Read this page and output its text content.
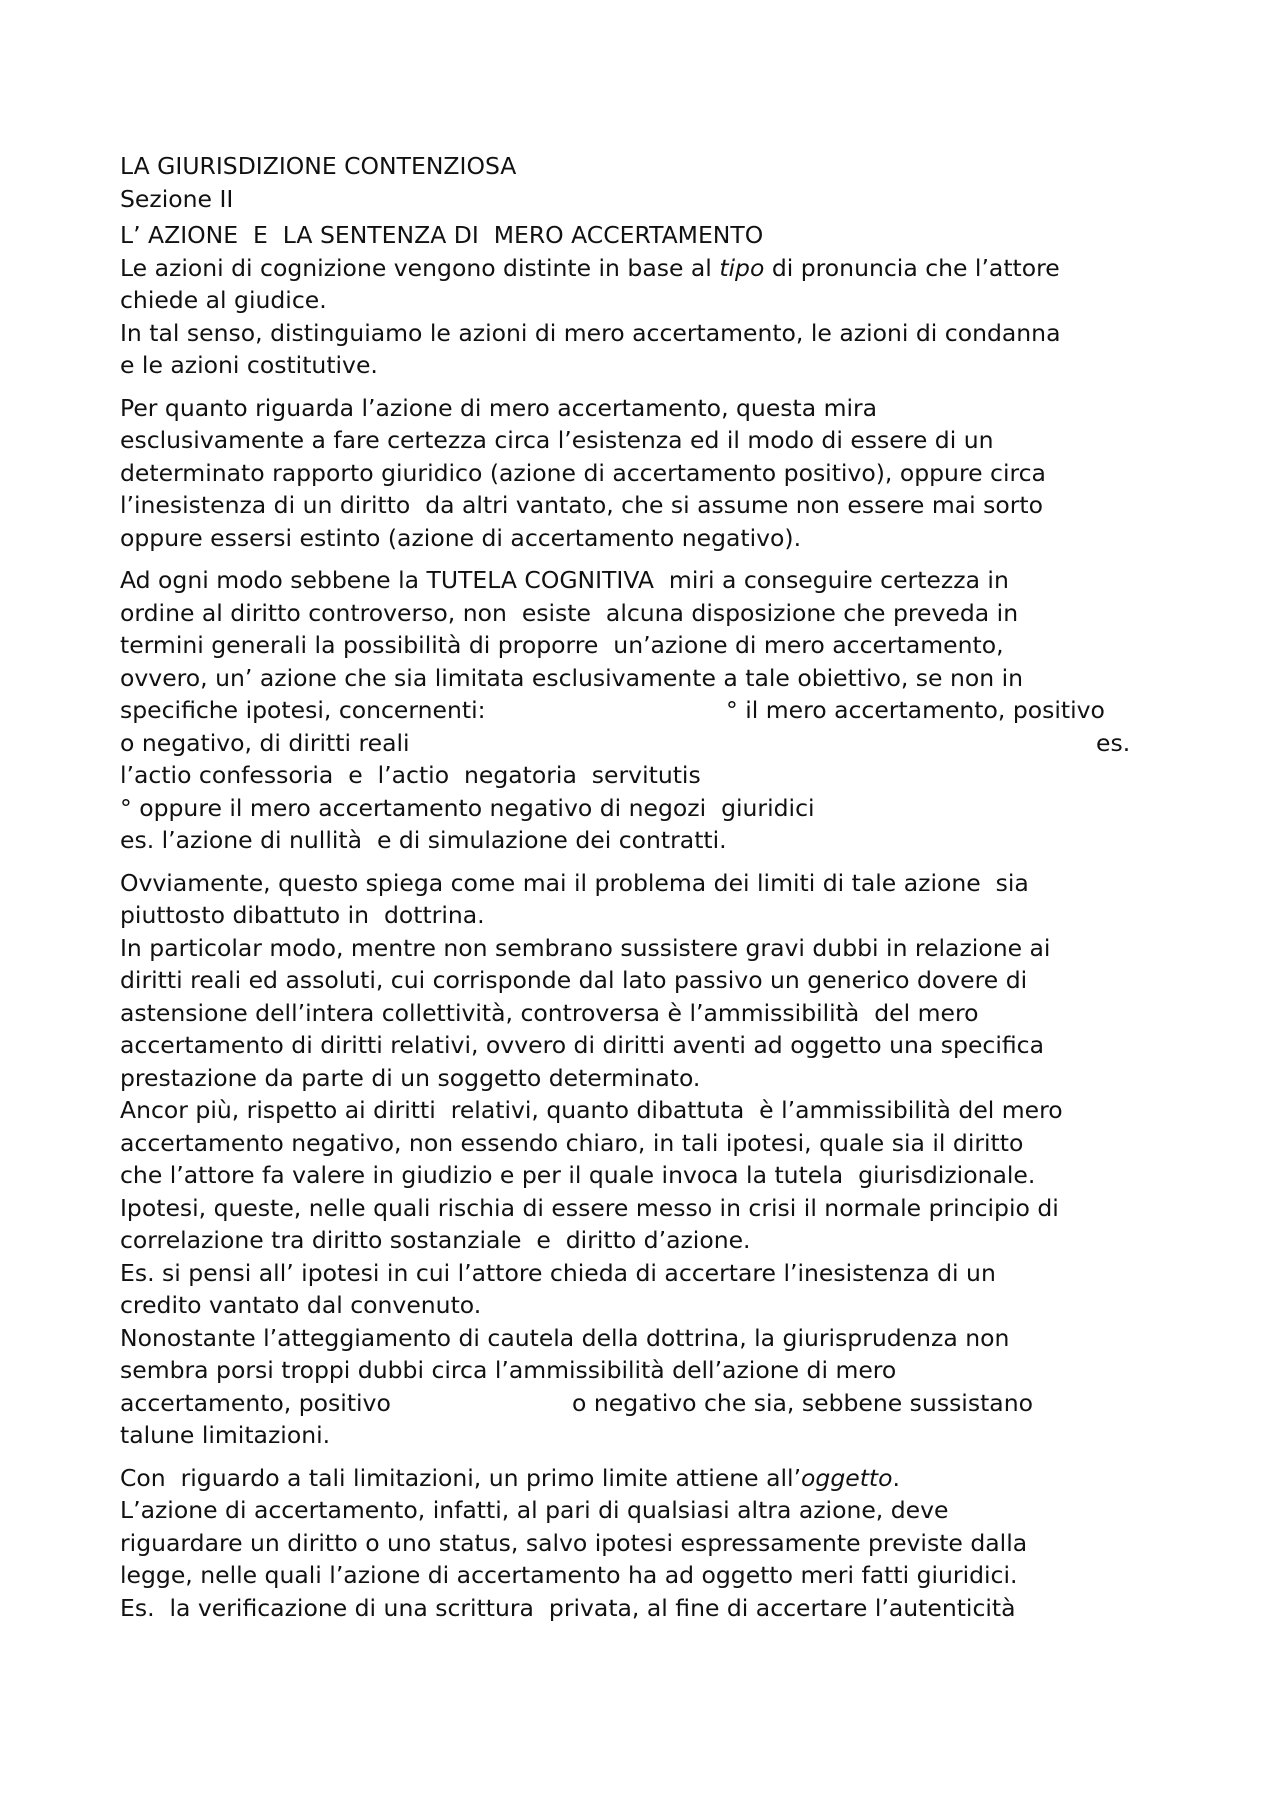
LA GIURISDIZIONE CONTENZIOSA
Sezione II
L’ AZIONE  E  LA SENTENZA DI  MERO ACCERTAMENTO
Le azioni di cognizione vengono distinte in base al tipo di pronuncia che l’attore
chiede al giudice.
In tal senso, distinguiamo le azioni di mero accertamento, le azioni di condanna
e le azioni costitutive.
Per quanto riguarda l’azione di mero accertamento, questa mira
esclusivamente a fare certezza circa l’esistenza ed il modo di essere di un
determinato rapporto giuridico (azione di accertamento positivo), oppure circa
l’inesistenza di un diritto  da altri vantato, che si assume non essere mai sorto
oppure essersi estinto (azione di accertamento negativo).
Ad ogni modo sebbene la TUTELA COGNITIVA  miri a conseguire certezza in
ordine al diritto controverso, non  esiste  alcuna disposizione che preveda in
termini generali la possibilità di proporre  un’azione di mero accertamento,
ovvero, un’ azione che sia limitata esclusivamente a tale obiettivo, se non in
specifiche ipotesi, concernenti:	° il mero accertamento, positivo
o negativo, di diritti reali	es.
l’actio confessoria  e  l’actio  negatoria  servitutis
° oppure il mero accertamento negativo di negozi  giuridici
es. l’azione di nullità  e di simulazione dei contratti.
Ovviamente, questo spiega come mai il problema dei limiti di tale azione  sia
piuttosto dibattuto in  dottrina.
In particolar modo, mentre non sembrano sussistere gravi dubbi in relazione ai
diritti reali ed assoluti, cui corrisponde dal lato passivo un generico dovere di
astensione dell’intera collettività, controversa è l’ammissibilità  del mero
accertamento di diritti relativi, ovvero di diritti aventi ad oggetto una specifica
prestazione da parte di un soggetto determinato.
Ancor più, rispetto ai diritti  relativi, quanto dibattuta  è l’ammissibilità del mero
accertamento negativo, non essendo chiaro, in tali ipotesi, quale sia il diritto
che l’attore fa valere in giudizio e per il quale invoca la tutela  giurisdizionale.
Ipotesi, queste, nelle quali rischia di essere messo in crisi il normale principio di
correlazione tra diritto sostanziale  e  diritto d’azione.
Es. si pensi all’ ipotesi in cui l’attore chieda di accertare l’inesistenza di un
credito vantato dal convenuto.
Nonostante l’atteggiamento di cautela della dottrina, la giurisprudenza non
sembra porsi troppi dubbi circa l’ammissibilità dell’azione di mero
accertamento, positivo	o negativo che sia, sebbene sussistano
talune limitazioni.
Con  riguardo a tali limitazioni, un primo limite attiene all’oggetto.
L’azione di accertamento, infatti, al pari di qualsiasi altra azione, deve
riguardare un diritto o uno status, salvo ipotesi espressamente previste dalla
legge, nelle quali l’azione di accertamento ha ad oggetto meri fatti giuridici.
Es.  la verificazione di una scrittura  privata, al fine di accertare l’autenticità
